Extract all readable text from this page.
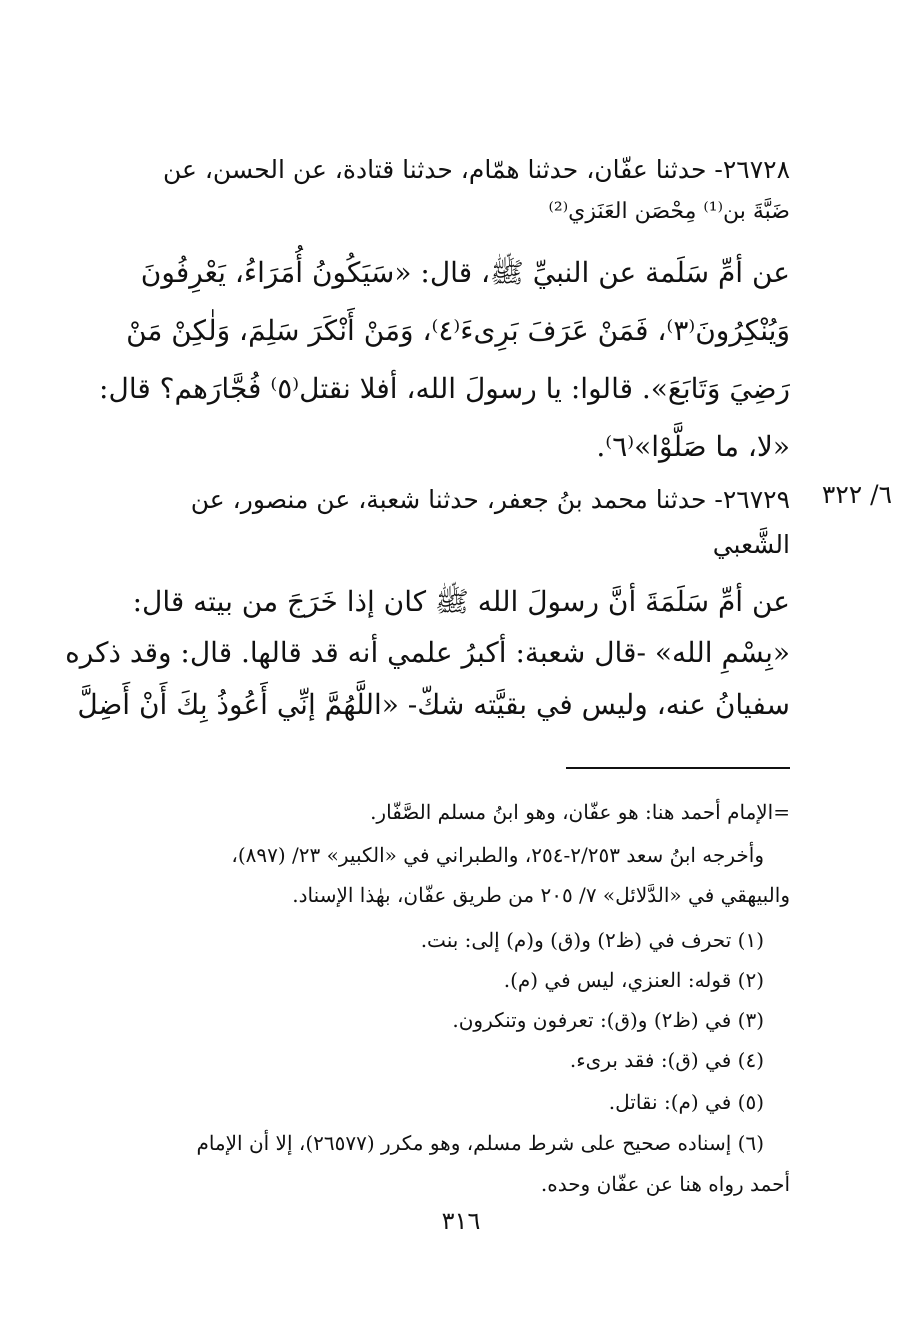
٢٦٧٢٨- حدثنا عفّان، حدثنا همّام، حدثنا قتادة، عن الحسن، عن
ضَبَّةَ بن⁽¹⁾ مِحْصَن العَنَزي⁽²⁾
عن أمِّ سَلَمة عن النبيِّ ﷺ، قال: «سَيَكُونُ أُمَرَاءُ، يَعْرِفُونَ
وَيُنْكِرُونَ⁽٣⁾، فَمَنْ عَرَفَ بَرِىءَ⁽٤⁾، وَمَنْ أَنْكَرَ سَلِمَ، وَلٰكِنْ مَنْ
رَضِيَ وَتَابَعَ». قالوا: يا رسولَ الله، أفلا نقتل⁽٥⁾ فُجَّارَهم؟ قال:
«لا، ما صَلَّوْا»⁽٦⁾.
٦/ ٣٢٢
٢٦٧٢٩- حدثنا محمد بنُ جعفر، حدثنا شعبة، عن منصور، عن
الشَّعبي
عن أمِّ سَلَمَةَ أنَّ رسولَ الله ﷺ كان إذا خَرَجَ من بيته قال:
«بِسْمِ الله» -قال شعبة: أكبرُ علمي أنه قد قالها. قال: وقد ذكره
سفيانُ عنه، وليس في بقيَّته شكّ- «اللَّهُمَّ إنِّي أَعُوذُ بِكَ أَنْ أَضِلَّ
=الإمام أحمد هنا: هو عفّان، وهو ابنُ مسلم الصَّفّار.
وأخرجه ابنُ سعد ٢/٢٥٣-٢٥٤، والطبراني في «الكبير» ٢٣/ (٨٩٧)،
والبيهقي في «الدَّلائل» ٧/ ٢٠٥ من طريق عفّان، بهٰذا الإسناد.
(١) تحرف في (ظ٢) و(ق) و(م) إلى: بنت.
(٢) قوله: العنزي، ليس في (م).
(٣) في (ظ٢) و(ق): تعرفون وتنكرون.
(٤) في (ق): فقد برىء.
(٥) في (م): نقاتل.
(٦) إسناده صحيح على شرط مسلم، وهو مكرر (٢٦٥٧٧)، إلا أن الإمام
أحمد رواه هنا عن عفّان وحده.
٣١٦
